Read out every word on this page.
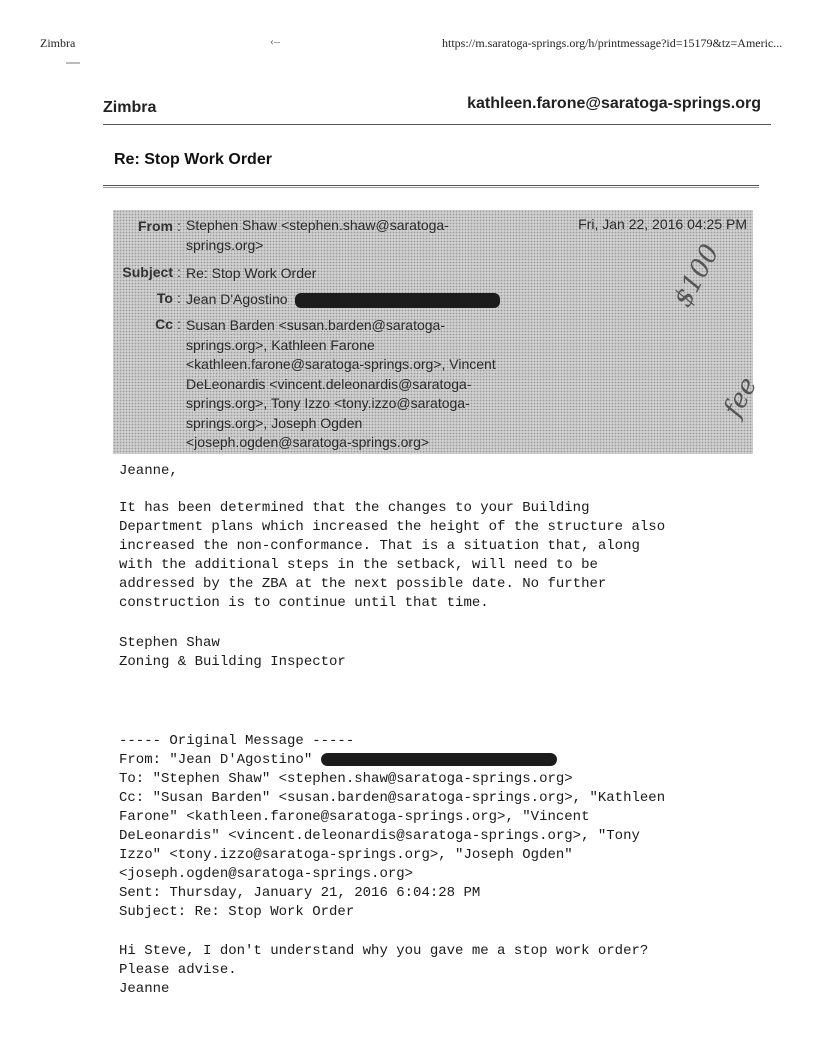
Zimbra	‹–	https://m.saratoga-springs.org/h/printmessage?id=15179&tz=Americ...
Zimbra	kathleen.farone@saratoga-springs.org
Re: Stop Work Order
From : Stephen Shaw <stephen.shaw@saratoga-
springs.org>
Fri, Jan 22, 2016 04:25 PM
Subject : Re: Stop Work Order
To : Jean D'Agostino
Cc : Susan Barden <susan.barden@saratoga-
springs.org>, Kathleen Farone
<kathleen.farone@saratoga-springs.org>, Vincent
DeLeonardis <vincent.deleonardis@saratoga-
springs.org>, Tony Izzo <tony.izzo@saratoga-
springs.org>, Joseph Ogden
<joseph.ogden@saratoga-springs.org>
$100
fee
Jeanne,
It has been determined that the changes to your Building
Department plans which increased the height of the structure also
increased the non-conformance. That is a situation that, along
with the additional steps in the setback, will need to be
addressed by the ZBA at the next possible date. No further
construction is to continue until that time.
Stephen Shaw
Zoning & Building Inspector
----- Original Message -----
From: "Jean D'Agostino"
To: "Stephen Shaw" <stephen.shaw@saratoga-springs.org>
Cc: "Susan Barden" <susan.barden@saratoga-springs.org>, "Kathleen
Farone" <kathleen.farone@saratoga-springs.org>, "Vincent
DeLeonardis" <vincent.deleonardis@saratoga-springs.org>, "Tony
Izzo" <tony.izzo@saratoga-springs.org>, "Joseph Ogden"
<joseph.ogden@saratoga-springs.org>
Sent: Thursday, January 21, 2016 6:04:28 PM
Subject: Re: Stop Work Order
Hi Steve, I don't understand why you gave me a stop work order?
Please advise.
Jeanne
